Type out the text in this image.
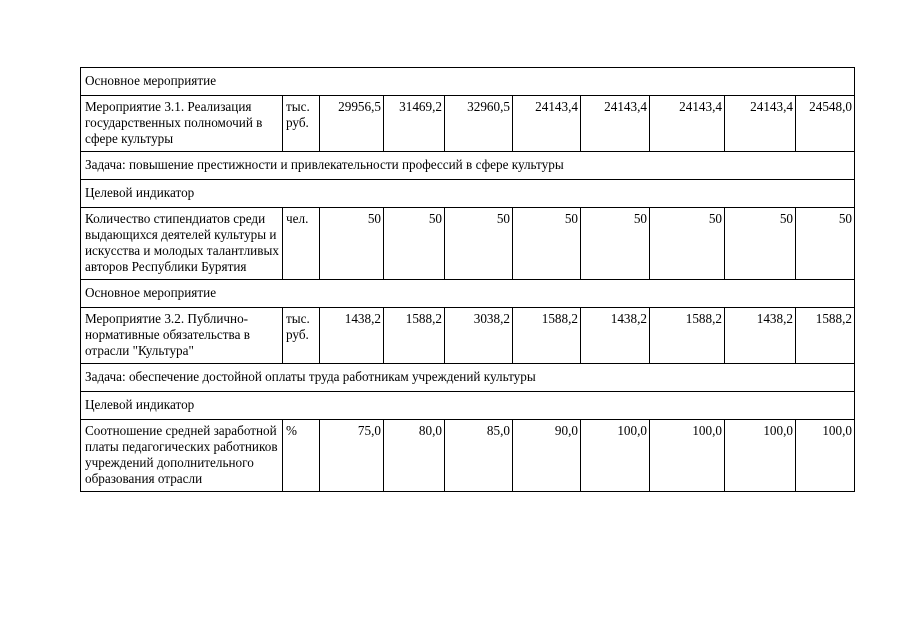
Основное мероприятие									
Мероприятие 3.1. Реализация государственных полномочий в сфере культуры	тыс. руб.	29956,5	31469,2	32960,5	24143,4	24143,4	24143,4	24143,4	24548,0
Задача: повышение престижности и привлекательности профессий в сфере культуры									
Целевой индикатор									
Количество стипендиатов среди выдающихся деятелей культуры и искусства и молодых талантливых авторов Республики Бурятия	чел.	50	50	50	50	50	50	50	50
Основное мероприятие									
Мероприятие 3.2. Публично-нормативные обязательства в отрасли "Культура"	тыс. руб.	1438,2	1588,2	3038,2	1588,2	1438,2	1588,2	1438,2	1588,2
Задача: обеспечение достойной оплаты труда работникам учреждений культуры									
Целевой индикатор									
Соотношение средней заработной платы педагогических работников учреждений дополнительного образования отрасли	%	75,0	80,0	85,0	90,0	100,0	100,0	100,0	100,0
